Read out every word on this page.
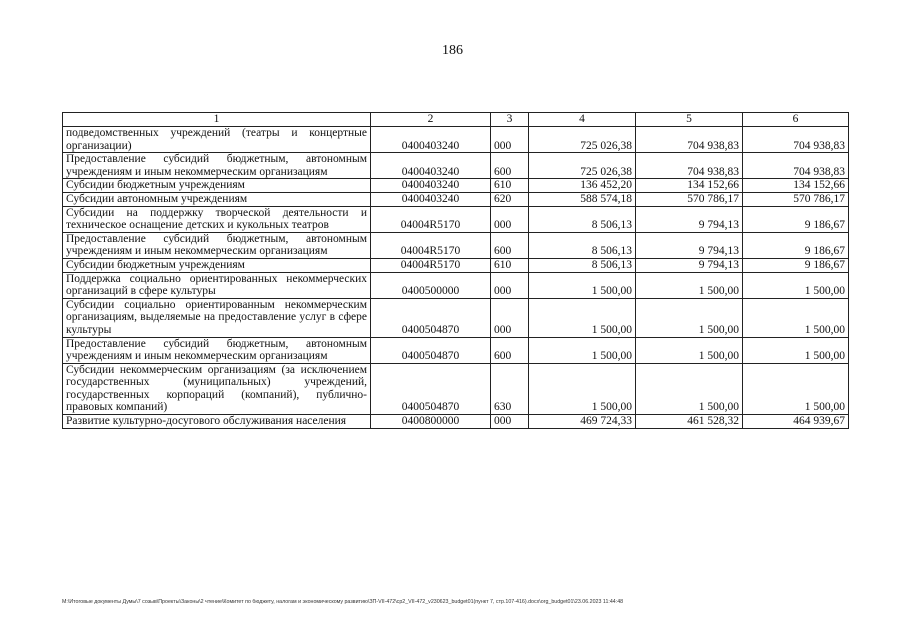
186
1	2	3	4	5	6
подведомственных учреждений (театры и концертные организации)	0400403240	000	725 026,38	704 938,83	704 938,83
Предоставление субсидий бюджетным, автономным учреждениям и иным некоммерческим организациям	0400403240	600	725 026,38	704 938,83	704 938,83
Субсидии бюджетным учреждениям	0400403240	610	136 452,20	134 152,66	134 152,66
Субсидии автономным учреждениям	0400403240	620	588 574,18	570 786,17	570 786,17
Субсидии на поддержку творческой деятельности и техническое оснащение детских и кукольных театров	04004R5170	000	8 506,13	9 794,13	9 186,67
Предоставление субсидий бюджетным, автономным учреждениям и иным некоммерческим организациям	04004R5170	600	8 506,13	9 794,13	9 186,67
Субсидии бюджетным учреждениям	04004R5170	610	8 506,13	9 794,13	9 186,67
Поддержка социально ориентированных некоммерческих организаций в сфере культуры	0400500000	000	1 500,00	1 500,00	1 500,00
Субсидии социально ориентированным некоммерческим организациям, выделяемые на предоставление услуг в сфере культуры	0400504870	000	1 500,00	1 500,00	1 500,00
Предоставление субсидий бюджетным, автономным учреждениям и иным некоммерческим организациям	0400504870	600	1 500,00	1 500,00	1 500,00
Субсидии некоммерческим организациям (за исключением государственных (муниципальных) учреждений, государственных корпораций (компаний), публично-правовых компаний)	0400504870	630	1 500,00	1 500,00	1 500,00
Развитие культурно-досугового обслуживания населения	0400800000	000	469 724,33	461 528,32	464 939,67
M:\Итоговые документы Думы\7 созыв\Проекты\Законы\2 чтение\Комитет по бюджету, налогам и экономическому развитию\ЗП-VII-472\ср2_VII-472_v230623_budget01(пункт 7, стр.107-416).docx\org_budget01\23.06.2023 11:44:48
